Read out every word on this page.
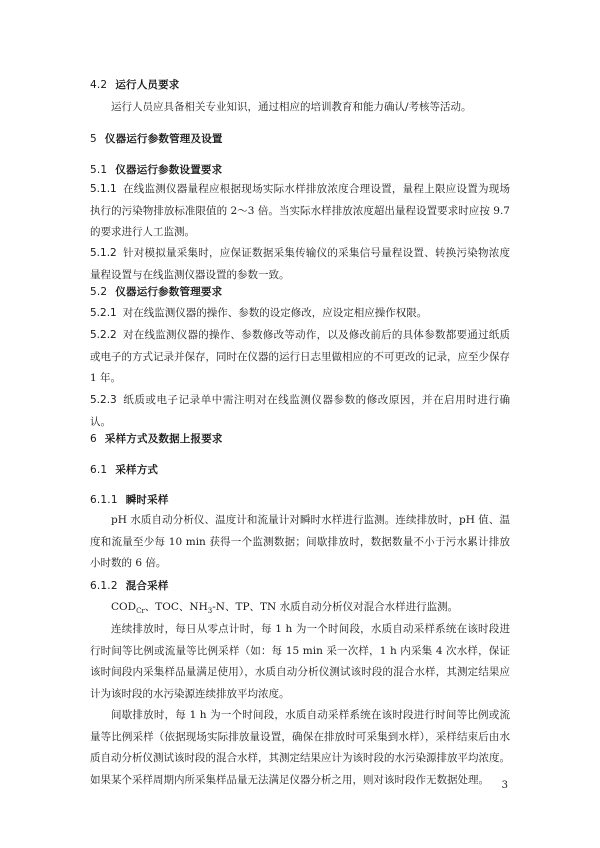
4.2 运行人员要求
运行人员应具备相关专业知识，通过相应的培训教育和能力确认/考核等活动。
5 仪器运行参数管理及设置
5.1 仪器运行参数设置要求
5.1.1 在线监测仪器量程应根据现场实际水样排放浓度合理设置，量程上限应设置为现场执行的污染物排放标准限值的 2～3 倍。当实际水样排放浓度超出量程设置要求时应按 9.7 的要求进行人工监测。
5.1.2 针对模拟量采集时，应保证数据采集传输仪的采集信号量程设置、转换污染物浓度量程设置与在线监测仪器设置的参数一致。
5.2 仪器运行参数管理要求
5.2.1 对在线监测仪器的操作、参数的设定修改，应设定相应操作权限。
5.2.2 对在线监测仪器的操作、参数修改等动作，以及修改前后的具体参数都要通过纸质或电子的方式记录并保存，同时在仪器的运行日志里做相应的不可更改的记录，应至少保存 1 年。
5.2.3 纸质或电子记录单中需注明对在线监测仪器参数的修改原因，并在启用时进行确认。
6 采样方式及数据上报要求
6.1 采样方式
6.1.1 瞬时采样
pH 水质自动分析仪、温度计和流量计对瞬时水样进行监测。连续排放时，pH 值、温度和流量至少每 10 min 获得一个监测数据；间歇排放时，数据数量不小于污水累计排放小时数的 6 倍。
6.1.2 混合采样
$COD_{Cr}$、TOC、$NH_3-N$、TP、TN 水质自动分析仪对混合水样进行监测。
连续排放时，每日从零点计时，每 1 h 为一个时间段，水质自动采样系统在该时段进行时间等比例或流量等比例采样（如：每 15 min 采一次样，1 h 内采集 4 次水样，保证该时间段内采集样品量满足使用），水质自动分析仪测试该时段的混合水样，其测定结果应计为该时段的水污染源连续排放平均浓度。
间歇排放时，每 1 h 为一个时间段，水质自动采样系统在该时段进行时间等比例或流量等比例采样（依据现场实际排放量设置，确保在排放时可采集到水样），采样结束后由水质自动分析仪测试该时段的混合水样，其测定结果应计为该时段的水污染源排放平均浓度。如果某个采样周期内所采集样品量无法满足仪器分析之用，则对该时段作无数据处理。	3
